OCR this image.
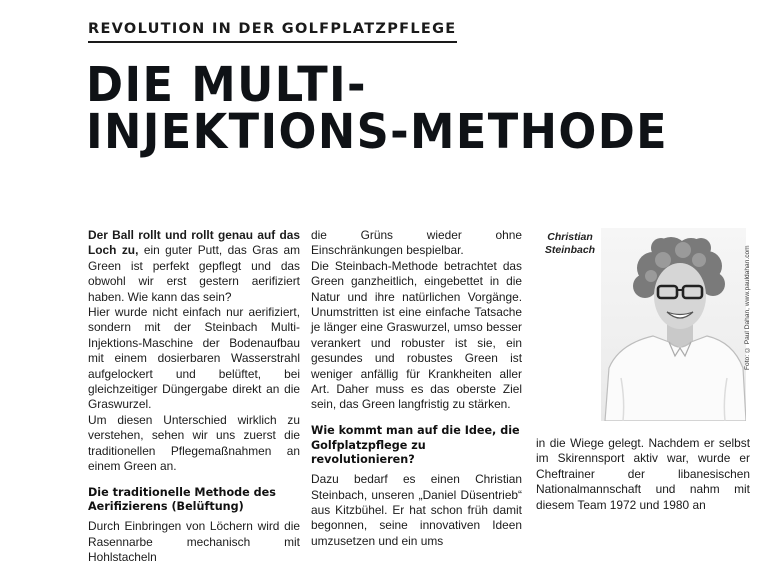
REVOLUTION IN DER GOLFPLATZPFLEGE
DIE MULTI-
INJEKTIONS-METHODE

Der Ball rollt und rollt genau auf das Loch zu, ein guter Putt, das Gras am Green ist perfekt gepflegt und das obwohl wir erst gestern aerifiziert haben. Wie kann das sein?

Hier wurde nicht einfach nur aerifiziert, sondern mit der Steinbach Multi-Injektions-Maschine der Bodenaufbau mit einem dosierbaren Wasserstrahl aufgelockert und belüftet, bei gleichzeitiger Düngergabe direkt an die Graswurzel.

Um diesen Unterschied wirklich zu verstehen, sehen wir uns zuerst die traditionellen Pflegemaßnahmen an einem Green an.

Die traditionelle Methode des Aerifizierens (Belüftung)

Durch Einbringen von Löchern wird die Rasennarbe mechanisch mit Hohlstacheln

die Grüns wieder ohne Einschränkungen bespielbar.

Die Steinbach-Methode betrachtet das Green ganzheitlich, eingebettet in die Natur und ihre natürlichen Vorgänge. Unumstritten ist eine einfache Tatsache je länger eine Graswurzel, umso besser verankert und robuster ist sie, ein gesundes und robustes Green ist weniger anfällig für Krankheiten aller Art. Daher muss es das oberste Ziel sein, das Green langfristig zu stärken.

Wie kommt man auf die Idee, die Golfplatzpflege zu revolutionieren?

Dazu bedarf es einen Christian Steinbach, unseren „Daniel Düsentrieb“ aus Kitzbühel. Er hat schon früh damit begonnen, seine innovativen Ideen umzusetzen und ein ums

Christian
Steinbach	Foto: © Paul Dahan, www.pauldahan.com

in die Wiege gelegt. Nachdem er selbst im Skirennsport aktiv war, wurde er Cheftrainer der libanesischen Nationalmannschaft und nahm mit diesem Team 1972 und 1980 an
